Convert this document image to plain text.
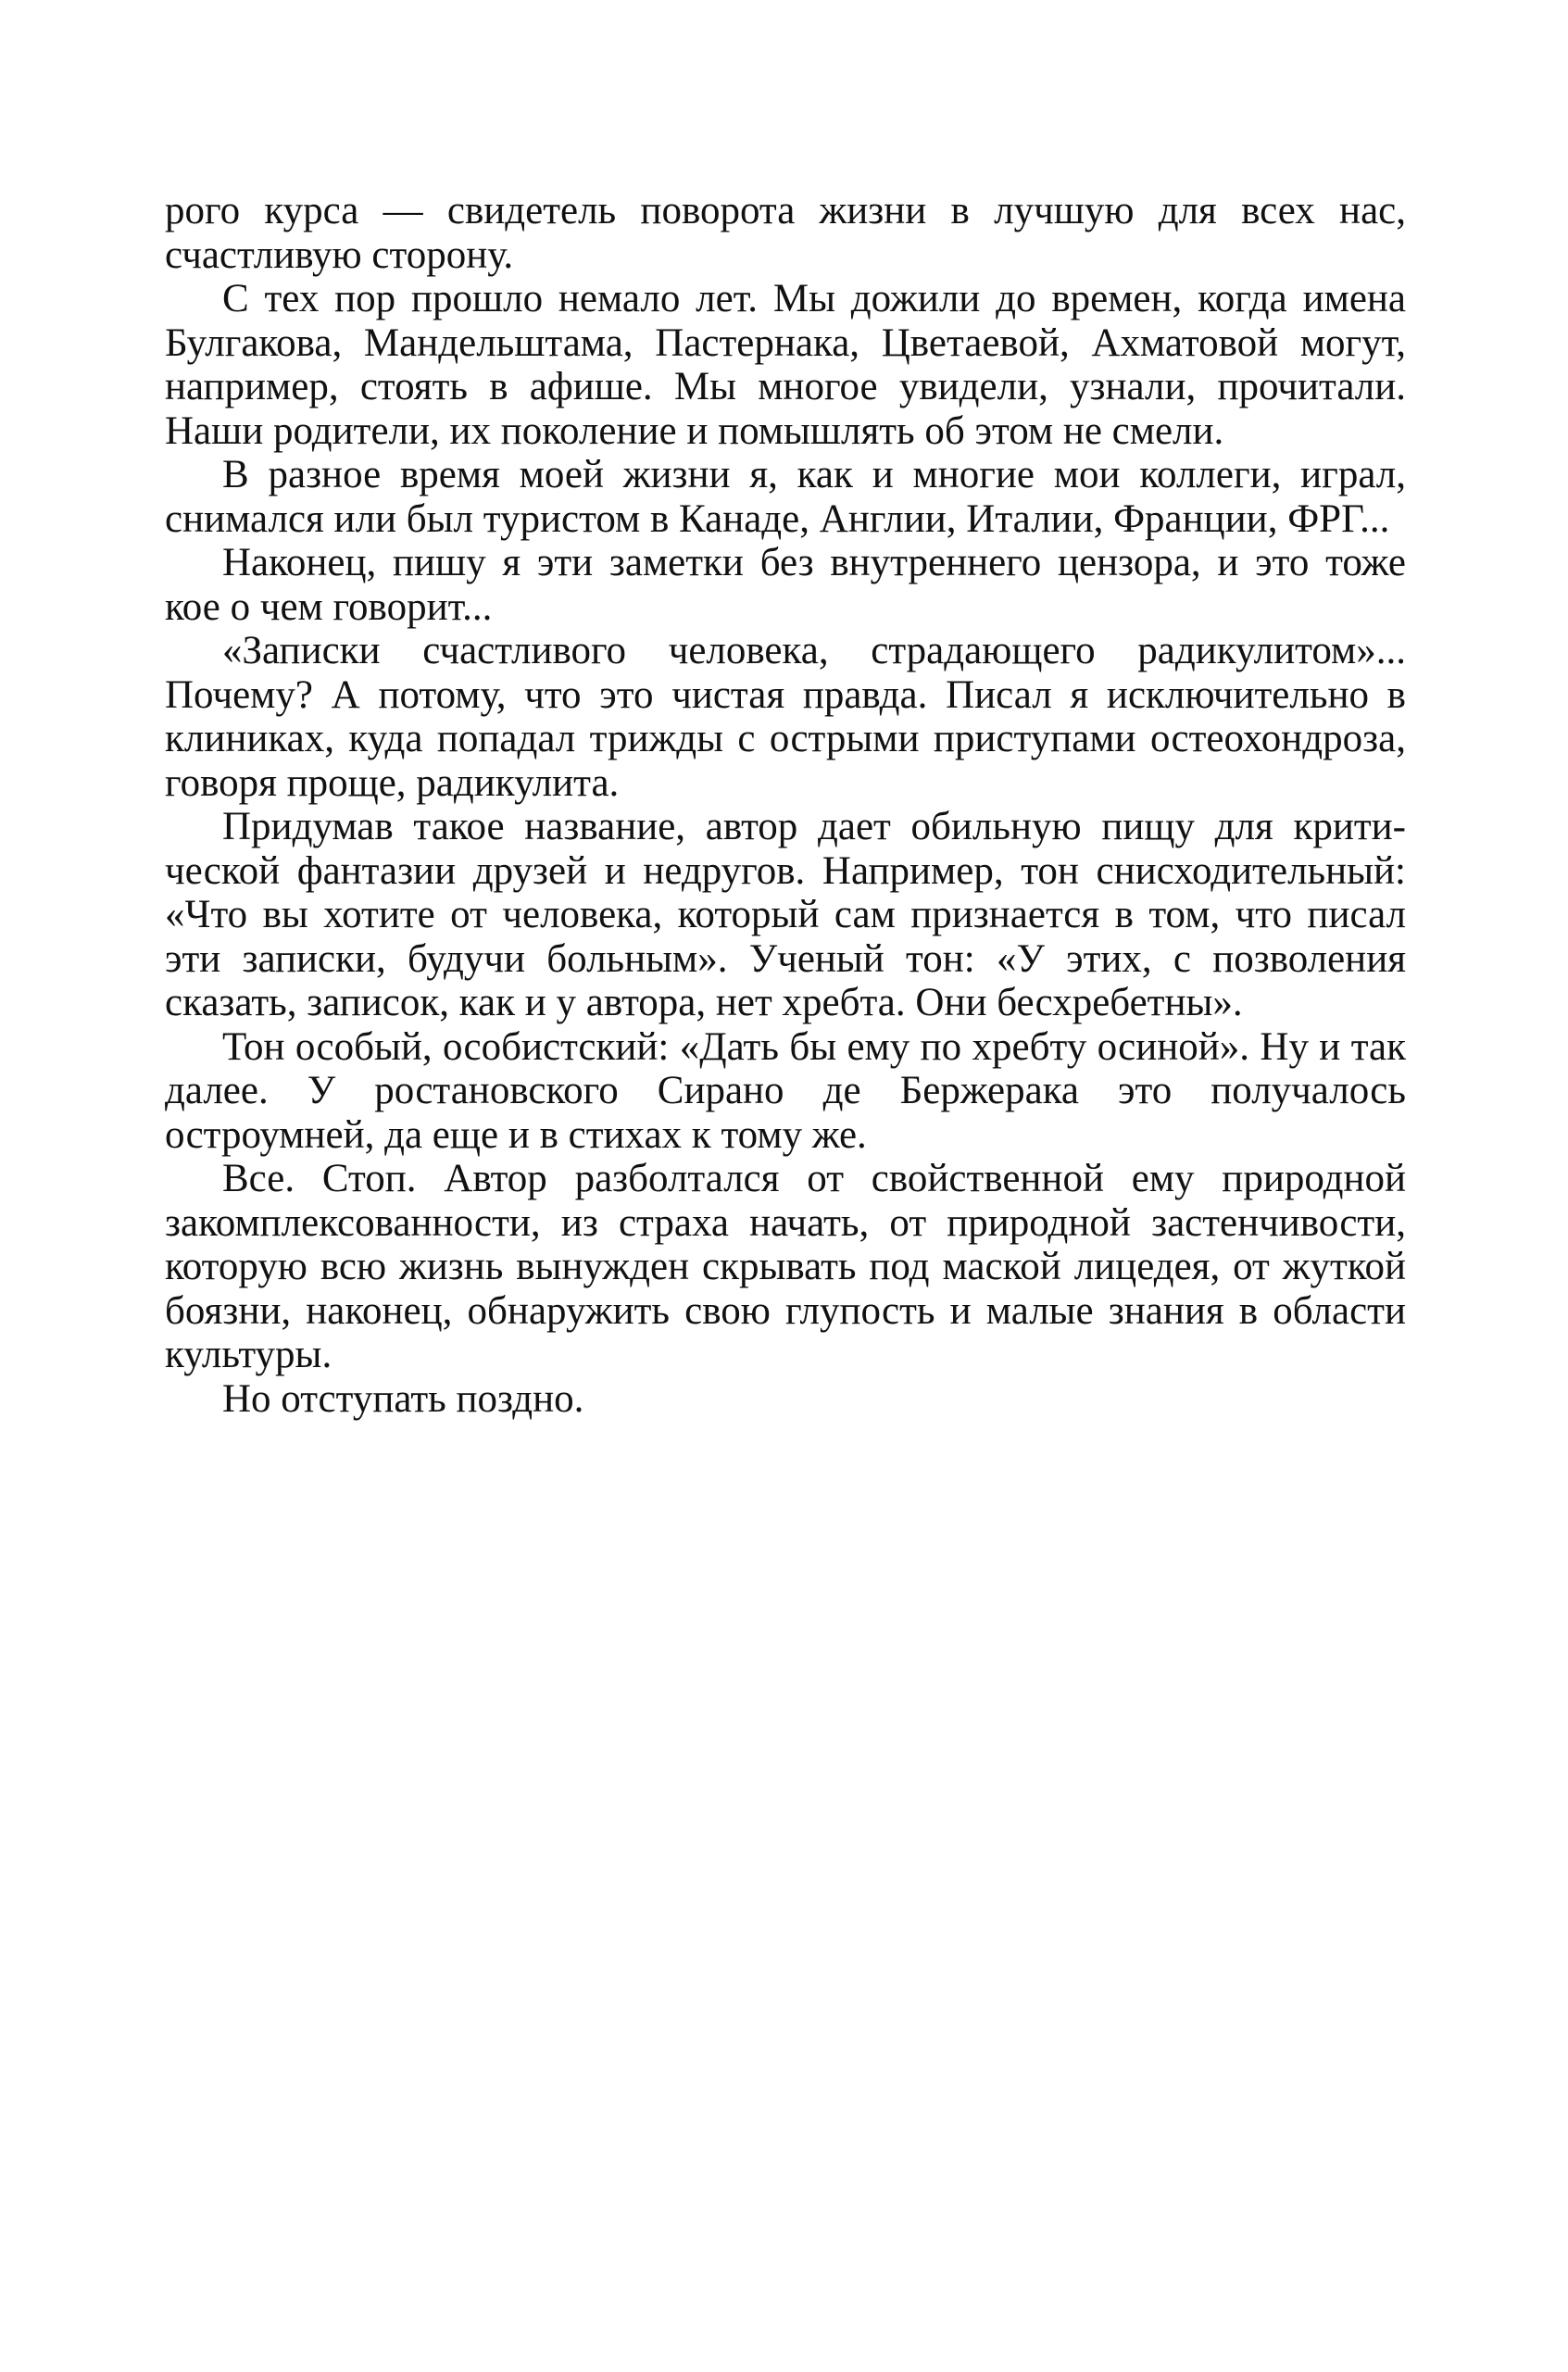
рого курса — свидетель поворота жизни в лучшую для всех нас, счастливую сторону.

С тех пор прошло немало лет. Мы дожили до времен, когда имена Булгакова, Мандельштама, Пастернака, Цветаевой, Ахматовой могут, например, стоять в афише. Мы многое увидели, узнали, прочитали. Наши родители, их поколение и помышлять об этом не смели.

В разное время моей жизни я, как и многие мои коллеги, играл, снимался или был туристом в Канаде, Англии, Италии, Франции, ФРГ...

Наконец, пишу я эти заметки без внутреннего цензора, и это тоже кое о чем говорит...

«Записки счастливого человека, страдающего радикулитом»... Почему? А потому, что это чистая правда. Писал я исключительно в клиниках, куда попадал трижды с острыми приступами остеохондроза, говоря проще, радикулита.

Придумав такое название, автор дает обильную пищу для критической фантазии друзей и недругов. Например, тон снисходительный: «Что вы хотите от человека, который сам признается в том, что писал эти записки, будучи больным». Ученый тон: «У этих, с позволения сказать, записок, как и у автора, нет хребта. Они бесхребетны».

Тон особый, особистский: «Дать бы ему по хребту осиной». Ну и так далее. У ростановского Сирано де Бержерака это получалось остроумней, да еще и в стихах к тому же.

Все. Стоп. Автор разболтался от свойственной ему природной закомплексованности, из страха начать, от природной застенчивости, которую всю жизнь вынужден скрывать под маской лицедея, от жуткой боязни, наконец, обнаружить свою глупость и малые знания в области культуры.

Но отступать поздно.
